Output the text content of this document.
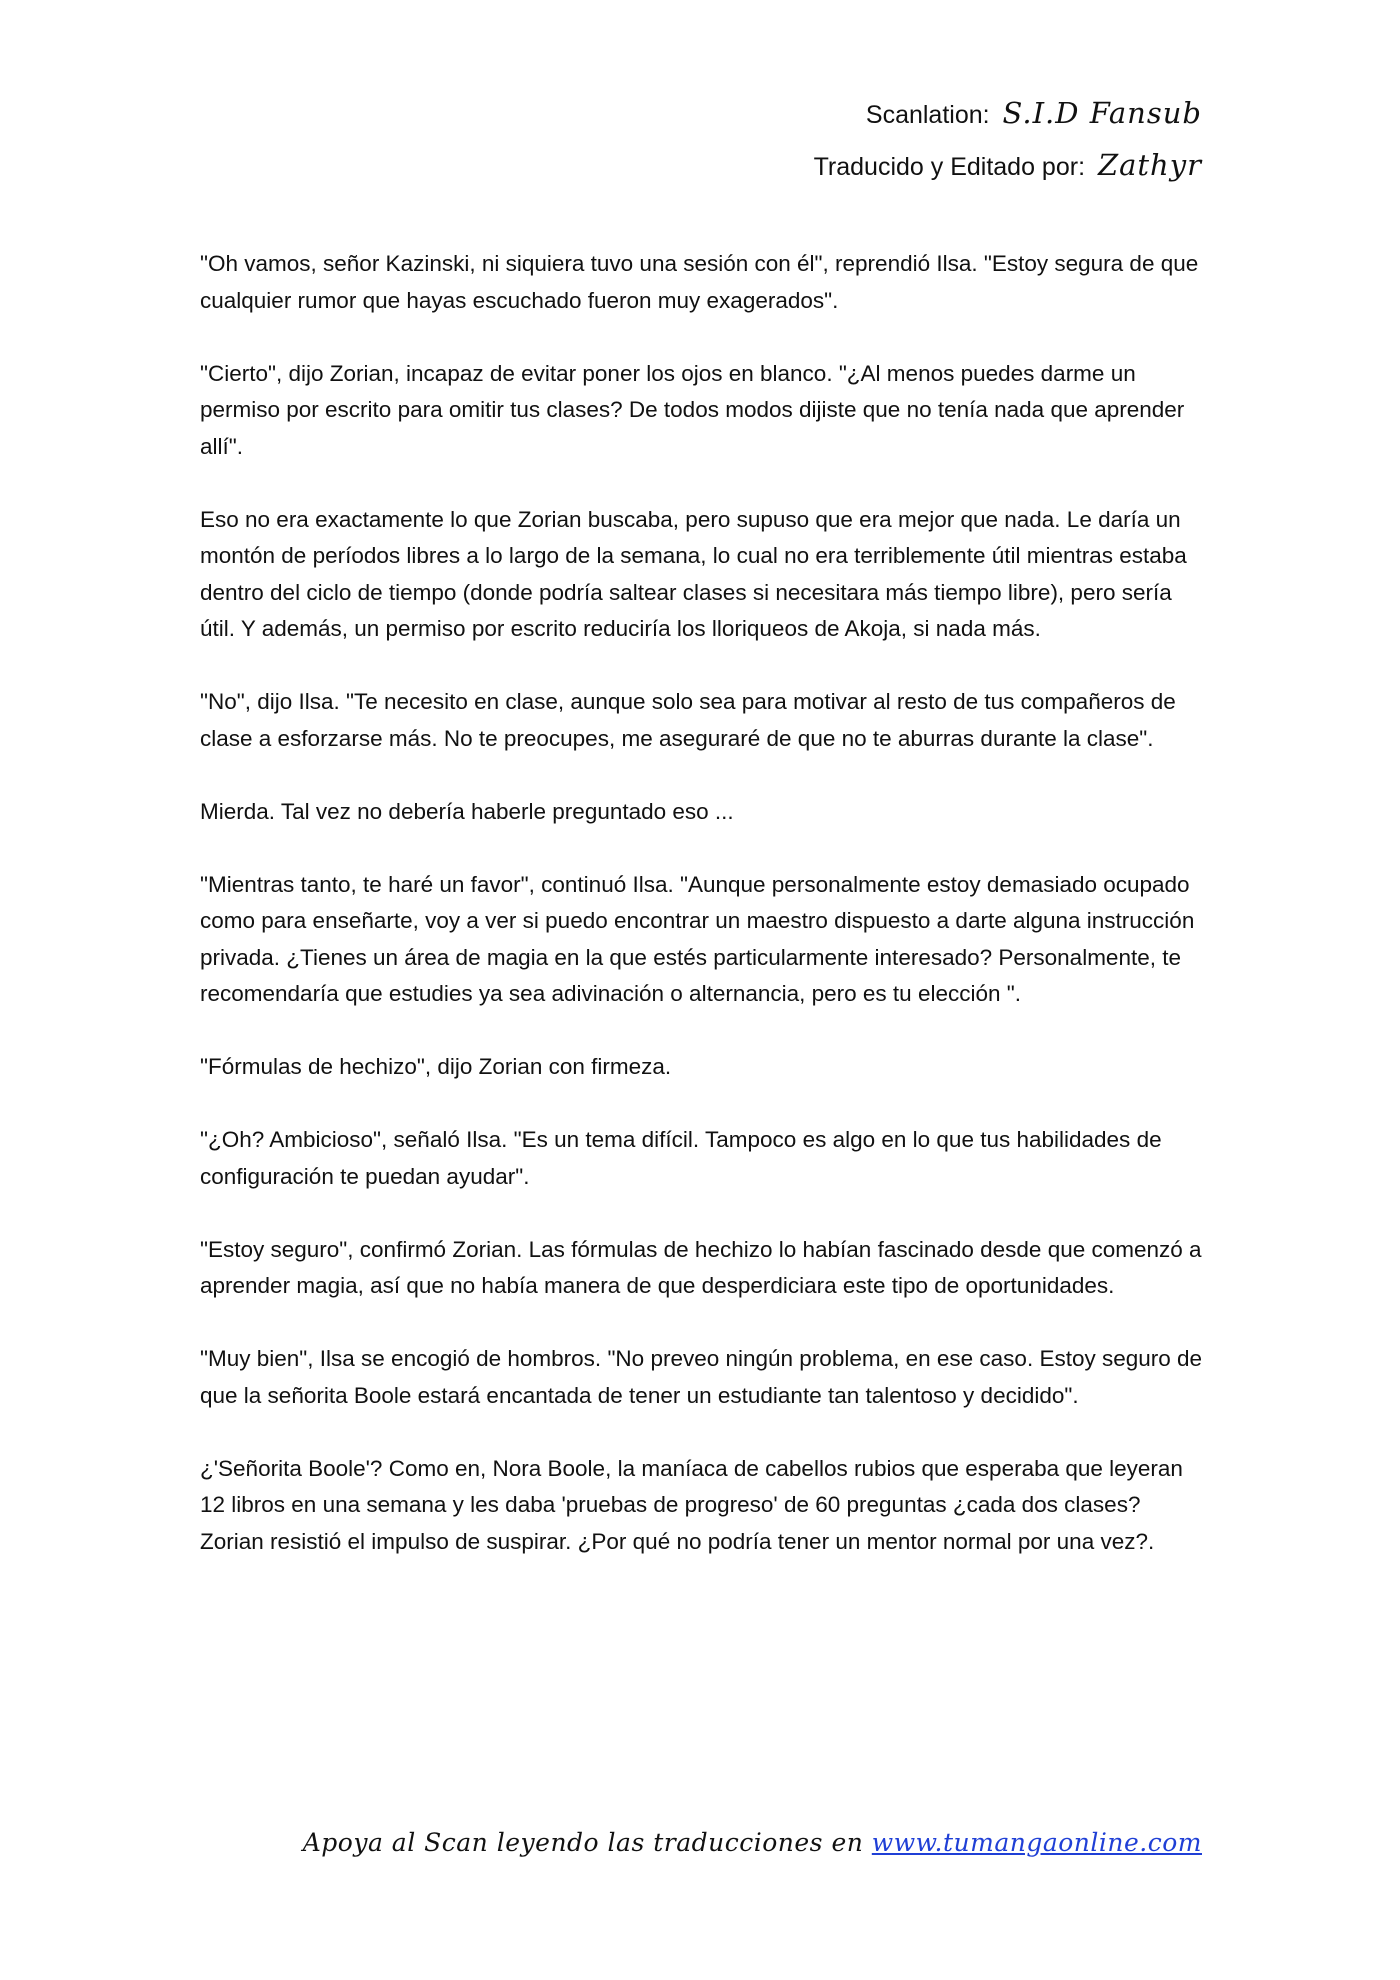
Scanlation: S.I.D Fansub
Traducido y Editado por: Zathyr

"Oh vamos, señor Kazinski, ni siquiera tuvo una sesión con él", reprendió Ilsa. "Estoy segura de que cualquier rumor que hayas escuchado fueron muy exagerados".

"Cierto", dijo Zorian, incapaz de evitar poner los ojos en blanco. "¿Al menos puedes darme un permiso por escrito para omitir tus clases? De todos modos dijiste que no tenía nada que aprender allí".

Eso no era exactamente lo que Zorian buscaba, pero supuso que era mejor que nada. Le daría un montón de períodos libres a lo largo de la semana, lo cual no era terriblemente útil mientras estaba dentro del ciclo de tiempo (donde podría saltear clases si necesitara más tiempo libre), pero sería útil. Y además, un permiso por escrito reduciría los lloriqueos de Akoja, si nada más.

"No", dijo Ilsa. "Te necesito en clase, aunque solo sea para motivar al resto de tus compañeros de clase a esforzarse más. No te preocupes, me aseguraré de que no te aburras durante la clase".

Mierda. Tal vez no debería haberle preguntado eso ...

"Mientras tanto, te haré un favor", continuó Ilsa. "Aunque personalmente estoy demasiado ocupado como para enseñarte, voy a ver si puedo encontrar un maestro dispuesto a darte alguna instrucción privada. ¿Tienes un área de magia en la que estés particularmente interesado? Personalmente, te recomendaría que estudies ya sea adivinación o alternancia, pero es tu elección ".

"Fórmulas de hechizo", dijo Zorian con firmeza.

"¿Oh? Ambicioso", señaló Ilsa. "Es un tema difícil. Tampoco es algo en lo que tus habilidades de configuración te puedan ayudar".

"Estoy seguro", confirmó Zorian. Las fórmulas de hechizo lo habían fascinado desde que comenzó a aprender magia, así que no había manera de que desperdiciara este tipo de oportunidades.

"Muy bien", Ilsa se encogió de hombros. "No preveo ningún problema, en ese caso. Estoy seguro de que la señorita Boole estará encantada de tener un estudiante tan talentoso y decidido".

¿'Señorita Boole'? Como en, Nora Boole, la maníaca de cabellos rubios que esperaba que leyeran 12 libros en una semana y les daba 'pruebas de progreso' de 60 preguntas ¿cada dos clases? Zorian resistió el impulso de suspirar. ¿Por qué no podría tener un mentor normal por una vez?.

Apoya al Scan leyendo las traducciones en www.tumangaonline.com
